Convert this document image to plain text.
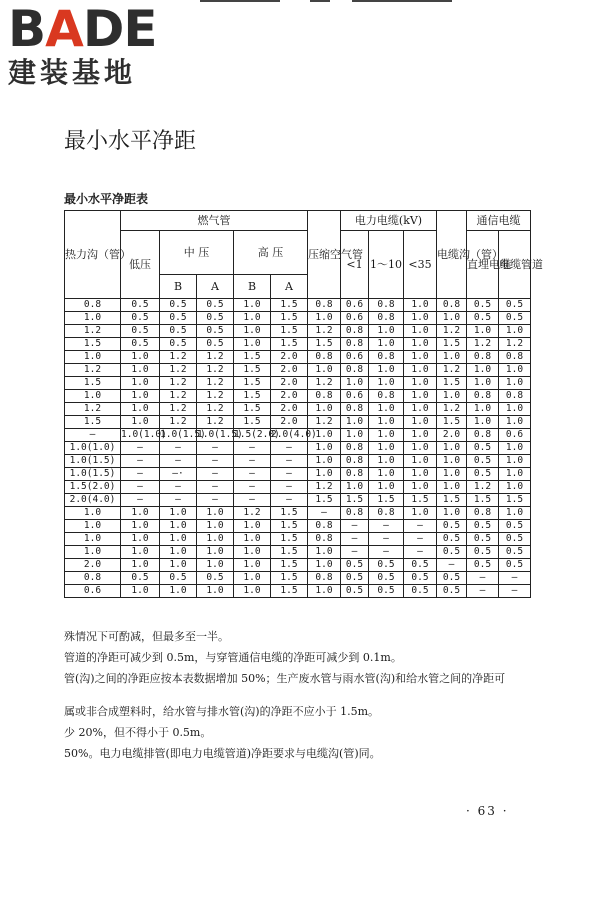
BADE
建装基地
最小水平净距
最小水平净距表
热力沟（管）	燃气管					压缩空气管	电力电缆(kV)			电缆沟（管）	通信电缆	
	低压	中 压		高 压			<1	1～10	<35		直埋电缆	电缆管道
		B	A	B	A							
0.8	0.5	0.5	0.5	1.0	1.5	0.8	0.6	0.8	1.0	0.8	0.5	0.5
1.0	0.5	0.5	0.5	1.0	1.5	1.0	0.6	0.8	1.0	1.0	0.5	0.5
1.2	0.5	0.5	0.5	1.0	1.5	1.2	0.8	1.0	1.0	1.2	1.0	1.0
1.5	0.5	0.5	0.5	1.0	1.5	1.5	0.8	1.0	1.0	1.5	1.2	1.2
1.0	1.0	1.2	1.2	1.5	2.0	0.8	0.6	0.8	1.0	1.0	0.8	0.8
1.2	1.0	1.2	1.2	1.5	2.0	1.0	0.8	1.0	1.0	1.2	1.0	1.0
1.5	1.0	1.2	1.2	1.5	2.0	1.2	1.0	1.0	1.0	1.5	1.0	1.0
1.0	1.0	1.2	1.2	1.5	2.0	0.8	0.6	0.8	1.0	1.0	0.8	0.8
1.2	1.0	1.2	1.2	1.5	2.0	1.0	0.8	1.0	1.0	1.2	1.0	1.0
1.5	1.0	1.2	1.2	1.5	2.0	1.2	1.0	1.0	1.0	1.5	1.0	1.0
—	1.0(1.0)	1.0(1.5)	1.0(1.5)	1.5(2.0)	2.0(4.0)	1.0	1.0	1.0	1.0	2.0	0.8	0.6
1.0(1.0)	—	—	—	—	—	1.0	0.8	1.0	1.0	1.0	0.5	1.0
1.0(1.5)	—	—	—	—	—	1.0	0.8	1.0	1.0	1.0	0.5	1.0
1.0(1.5)	—	—·	—	—	—	1.0	0.8	1.0	1.0	1.0	0.5	1.0
1.5(2.0)	—	—	—	—	—	1.2	1.0	1.0	1.0	1.0	1.2	1.0
2.0(4.0)	—	—	—	—	—	1.5	1.5	1.5	1.5	1.5	1.5	1.5
1.0	1.0	1.0	1.0	1.2	1.5	—	0.8	0.8	1.0	1.0	0.8	1.0
1.0	1.0	1.0	1.0	1.0	1.5	0.8	—	—	—	0.5	0.5	0.5
1.0	1.0	1.0	1.0	1.0	1.5	0.8	—	—	—	0.5	0.5	0.5
1.0	1.0	1.0	1.0	1.0	1.5	1.0	—	—	—	0.5	0.5	0.5
2.0	1.0	1.0	1.0	1.0	1.5	1.0	0.5	0.5	0.5	—	0.5	0.5
0.8	0.5	0.5	0.5	1.0	1.5	0.8	0.5	0.5	0.5	0.5	—	—
0.6	1.0	1.0	1.0	1.0	1.5	1.0	0.5	0.5	0.5	0.5	—	—
殊情况下可酌减，但最多至一半。
管道的净距可减少到 0.5m，与穿管通信电缆的净距可减少到 0.1m。
管(沟)之间的净距应按本表数据增加 50%；生产废水管与雨水管(沟)和给水管之间的净距可
属或非合成塑料时，给水管与排水管(沟)的净距不应小于 1.5m。
少 20%，但不得小于 0.5m。
50%。电力电缆排管(即电力电缆管道)净距要求与电缆沟(管)同。
· 63 ·
